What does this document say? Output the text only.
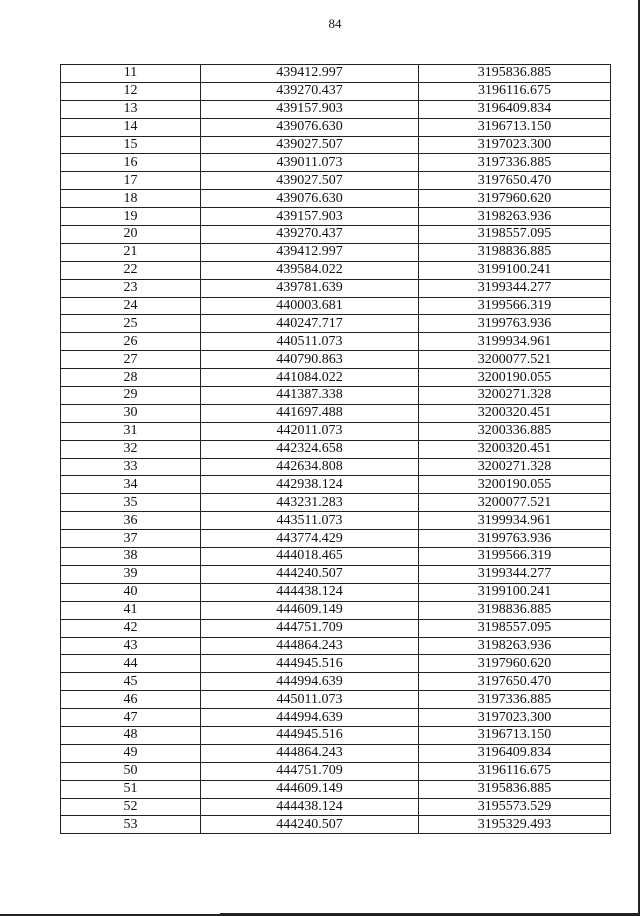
84
11	439412.997	3195836.885
12	439270.437	3196116.675
13	439157.903	3196409.834
14	439076.630	3196713.150
15	439027.507	3197023.300
16	439011.073	3197336.885
17	439027.507	3197650.470
18	439076.630	3197960.620
19	439157.903	3198263.936
20	439270.437	3198557.095
21	439412.997	3198836.885
22	439584.022	3199100.241
23	439781.639	3199344.277
24	440003.681	3199566.319
25	440247.717	3199763.936
26	440511.073	3199934.961
27	440790.863	3200077.521
28	441084.022	3200190.055
29	441387.338	3200271.328
30	441697.488	3200320.451
31	442011.073	3200336.885
32	442324.658	3200320.451
33	442634.808	3200271.328
34	442938.124	3200190.055
35	443231.283	3200077.521
36	443511.073	3199934.961
37	443774.429	3199763.936
38	444018.465	3199566.319
39	444240.507	3199344.277
40	444438.124	3199100.241
41	444609.149	3198836.885
42	444751.709	3198557.095
43	444864.243	3198263.936
44	444945.516	3197960.620
45	444994.639	3197650.470
46	445011.073	3197336.885
47	444994.639	3197023.300
48	444945.516	3196713.150
49	444864.243	3196409.834
50	444751.709	3196116.675
51	444609.149	3195836.885
52	444438.124	3195573.529
53	444240.507	3195329.493
